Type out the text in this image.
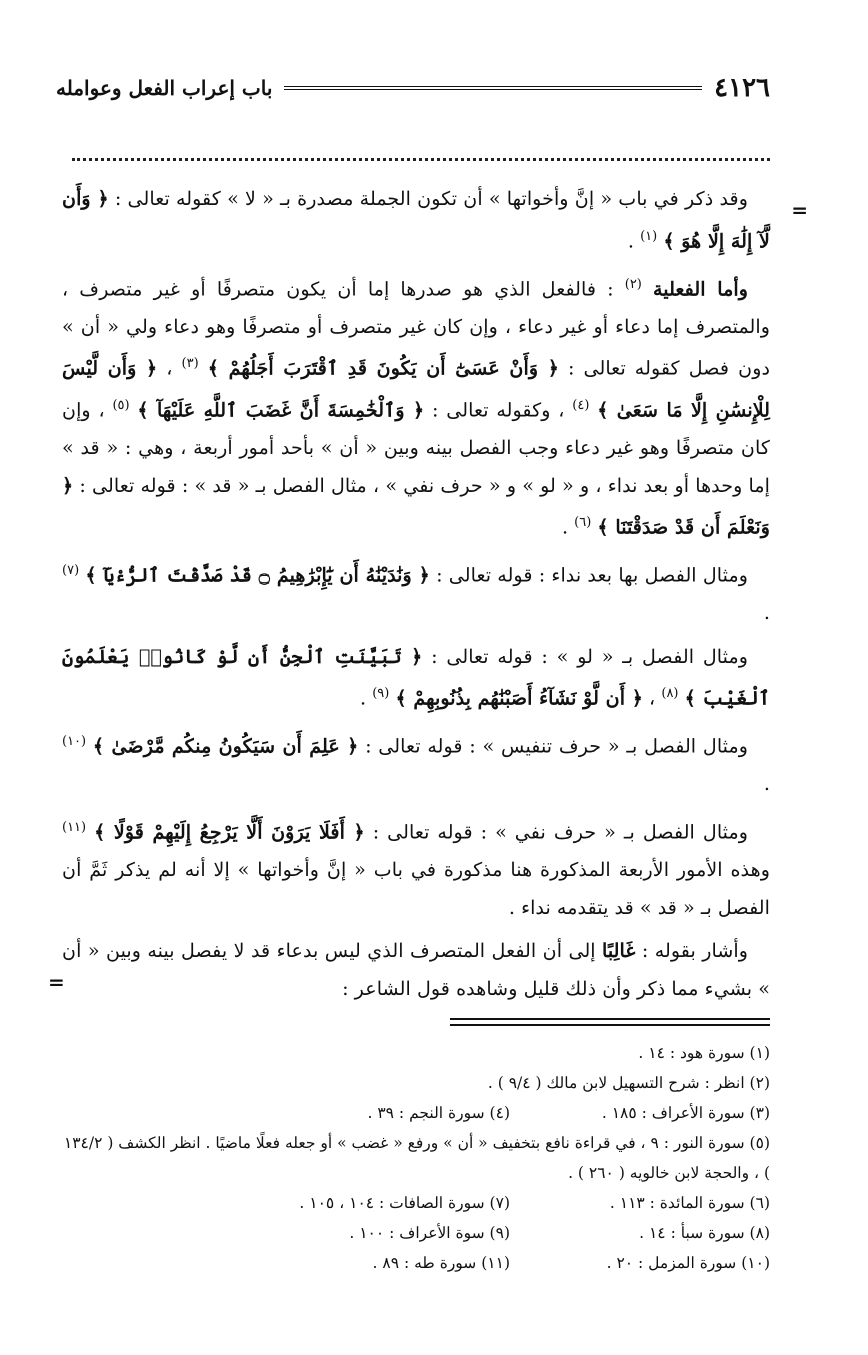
٤١٢٦
باب إعراب الفعل وعوامله
=
=

وقد ذكر في باب « إنَّ وأخواتها » أن تكون الجملة مصدرة بـ « لا » كقوله تعالى : ﴿ وَأَن لَّآ إِلَٰهَ إِلَّا هُوَ ﴾ $^{(١)}$ .

وأما الفعلية $^{(٢)}$ : فالفعل الذي هو صدرها إما أن يكون متصرفًا أو غير متصرف ، والمتصرف إما دعاء أو غير دعاء ، وإن كان غير متصرف أو متصرفًا وهو دعاء ولي « أن » دون فصل كقوله تعالى : ﴿ وَأَنْ عَسَىٰٓ أَن يَكُونَ قَدِ ٱقْتَرَبَ أَجَلُهُمْ ﴾ $^{(٣)}$ ، ﴿ وَأَن لَّيْسَ لِلْإِنسَٰنِ إِلَّا مَا سَعَىٰ ﴾ $^{(٤)}$ ، وكقوله تعالى : ﴿ وَٱلْخَٰمِسَةَ أَنَّ غَضَبَ ٱللَّهِ عَلَيْهَآ ﴾ $^{(٥)}$ ، وإن كان متصرفًا وهو غير دعاء وجب الفصل بينه وبين « أن » بأحد أمور أربعة ، وهي : « قد » إما وحدها أو بعد نداء ، و « لو » و « حرف نفي » ، مثال الفصل بـ « قد » : قوله تعالى : ﴿ وَنَعْلَمَ أَن قَدْ صَدَقْتَنَا ﴾ $^{(٦)}$ .

ومثال الفصل بها بعد نداء : قوله تعالى : ﴿ وَنَٰدَيْنَٰهُ أَن يَٰٓإِبْرَٰهِيمُ ۝ قَدْ صَدَّقْتَ ٱلرُّءْيَآ ﴾ $^{(٧)}$ .

ومثال الفصل بـ « لو » : قوله تعالى : ﴿ تَبَيَّنَتِ ٱلْجِنُّ أَن لَّوْ كَانُوا۟ يَعْلَمُونَ ٱلْغَيْبَ ﴾ $^{(٨)}$ ، ﴿ أَن لَّوْ نَشَآءُ أَصَبْنَٰهُم بِذُنُوبِهِمْ ﴾ $^{(٩)}$ .

ومثال الفصل بـ « حرف تنفيس » : قوله تعالى : ﴿ عَلِمَ أَن سَيَكُونُ مِنكُم مَّرْضَىٰ ﴾ $^{(١٠)}$ .

ومثال الفصل بـ « حرف نفي » : قوله تعالى : ﴿ أَفَلَا يَرَوْنَ أَلَّا يَرْجِعُ إِلَيْهِمْ قَوْلًا ﴾ $^{(١١)}$ وهذه الأمور الأربعة المذكورة هنا مذكورة في باب « إنَّ وأخواتها » إلا أنه لم يذكر ثَمَّ أن الفصل بـ « قد » قد يتقدمه نداء .

وأشار بقوله : غَالِبًا إلى أن الفعل المتصرف الذي ليس بدعاء قد لا يفصل بينه وبين « أن » بشيء مما ذكر وأن ذلك قليل وشاهده قول الشاعر :

(١) سورة هود : ١٤ .

(٢) انظر : شرح التسهيل لابن مالك ( ٩/٤ ) .

(٣) سورة الأعراف : ١٨٥ .
(٤) سورة النجم : ٣٩ .

(٥) سورة النور : ٩ ، في قراءة نافع بتخفيف « أن » ورفع « غضب » أو جعله فعلًا ماضيًا . انظر الكشف ( ١٣٤/٢ ) ، والحجة لابن خالويه ( ٢٦٠ ) .

(٦) سورة المائدة : ١١٣ .
(٧) سورة الصافات : ١٠٤ ، ١٠٥ .
(٨) سورة سبأ : ١٤ .
(٩) سوة الأعراف : ١٠٠ .
(١٠) سورة المزمل : ٢٠ .
(١١) سورة طه : ٨٩ .
